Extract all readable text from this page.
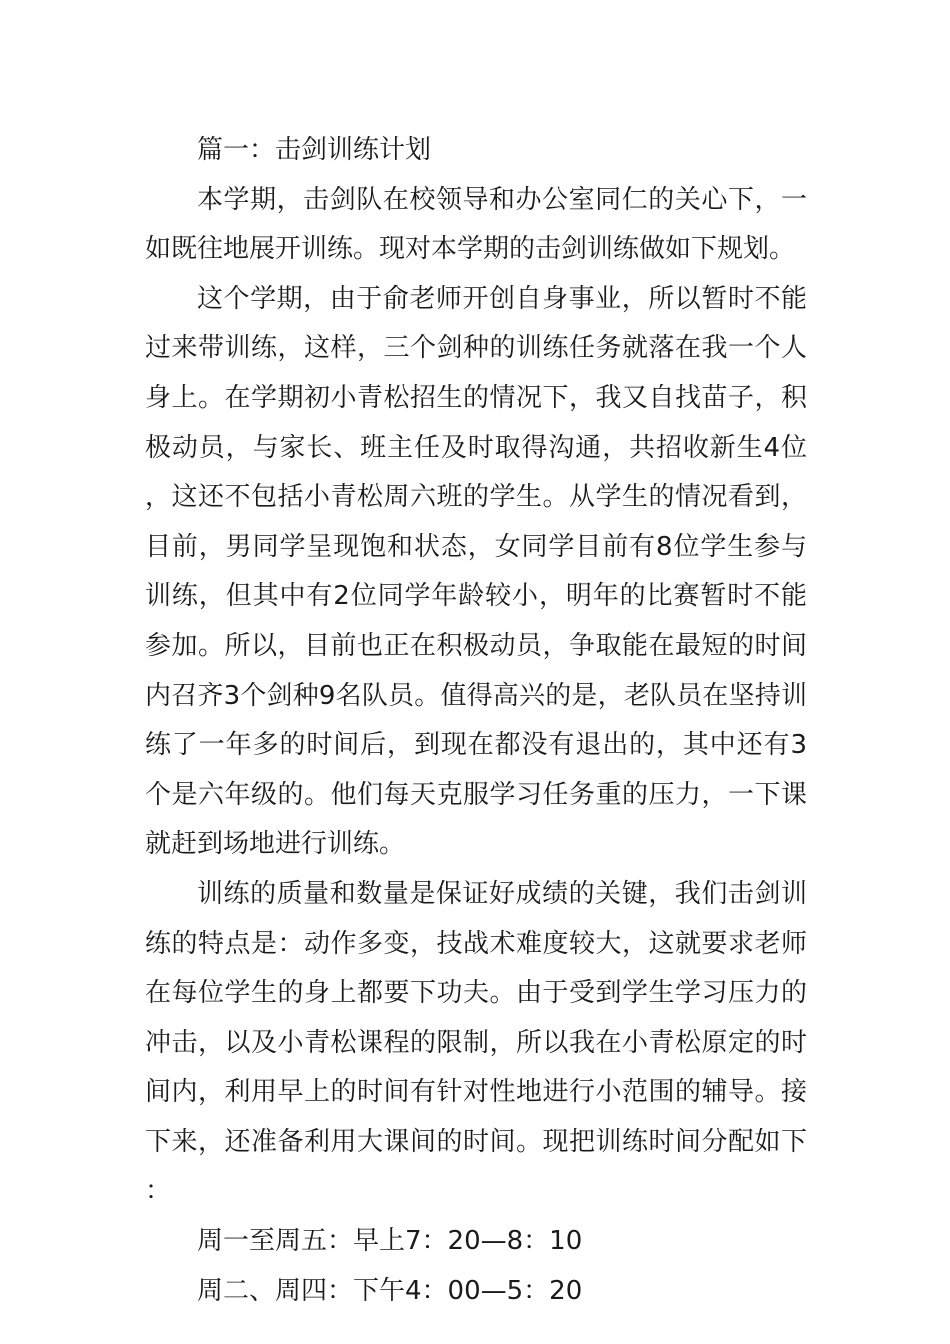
篇一：击剑训练计划

本学期，击剑队在校领导和办公室同仁的关心下，一如既往地展开训练。现对本学期的击剑训练做如下规划。

这个学期，由于俞老师开创自身事业，所以暂时不能过来带训练，这样，三个剑种的训练任务就落在我一个人身上。在学期初小青松招生的情况下，我又自找苗子，积极动员，与家长、班主任及时取得沟通，共招收新生4位，这还不包括小青松周六班的学生。从学生的情况看到，目前，男同学呈现饱和状态，女同学目前有8位学生参与训练，但其中有2位同学年龄较小，明年的比赛暂时不能参加。所以，目前也正在积极动员，争取能在最短的时间内召齐3个剑种9名队员。值得高兴的是，老队员在坚持训练了一年多的时间后，到现在都没有退出的，其中还有3个是六年级的。他们每天克服学习任务重的压力，一下课就赶到场地进行训练。

训练的质量和数量是保证好成绩的关键，我们击剑训练的特点是：动作多变，技战术难度较大，这就要求老师在每位学生的身上都要下功夫。由于受到学生学习压力的冲击，以及小青松课程的限制，所以我在小青松原定的时间内，利用早上的时间有针对性地进行小范围的辅导。接下来，还准备利用大课间的时间。现把训练时间分配如下：

周一至周五：早上7：20—8：10

周二、周四：下午4：00—5：20
